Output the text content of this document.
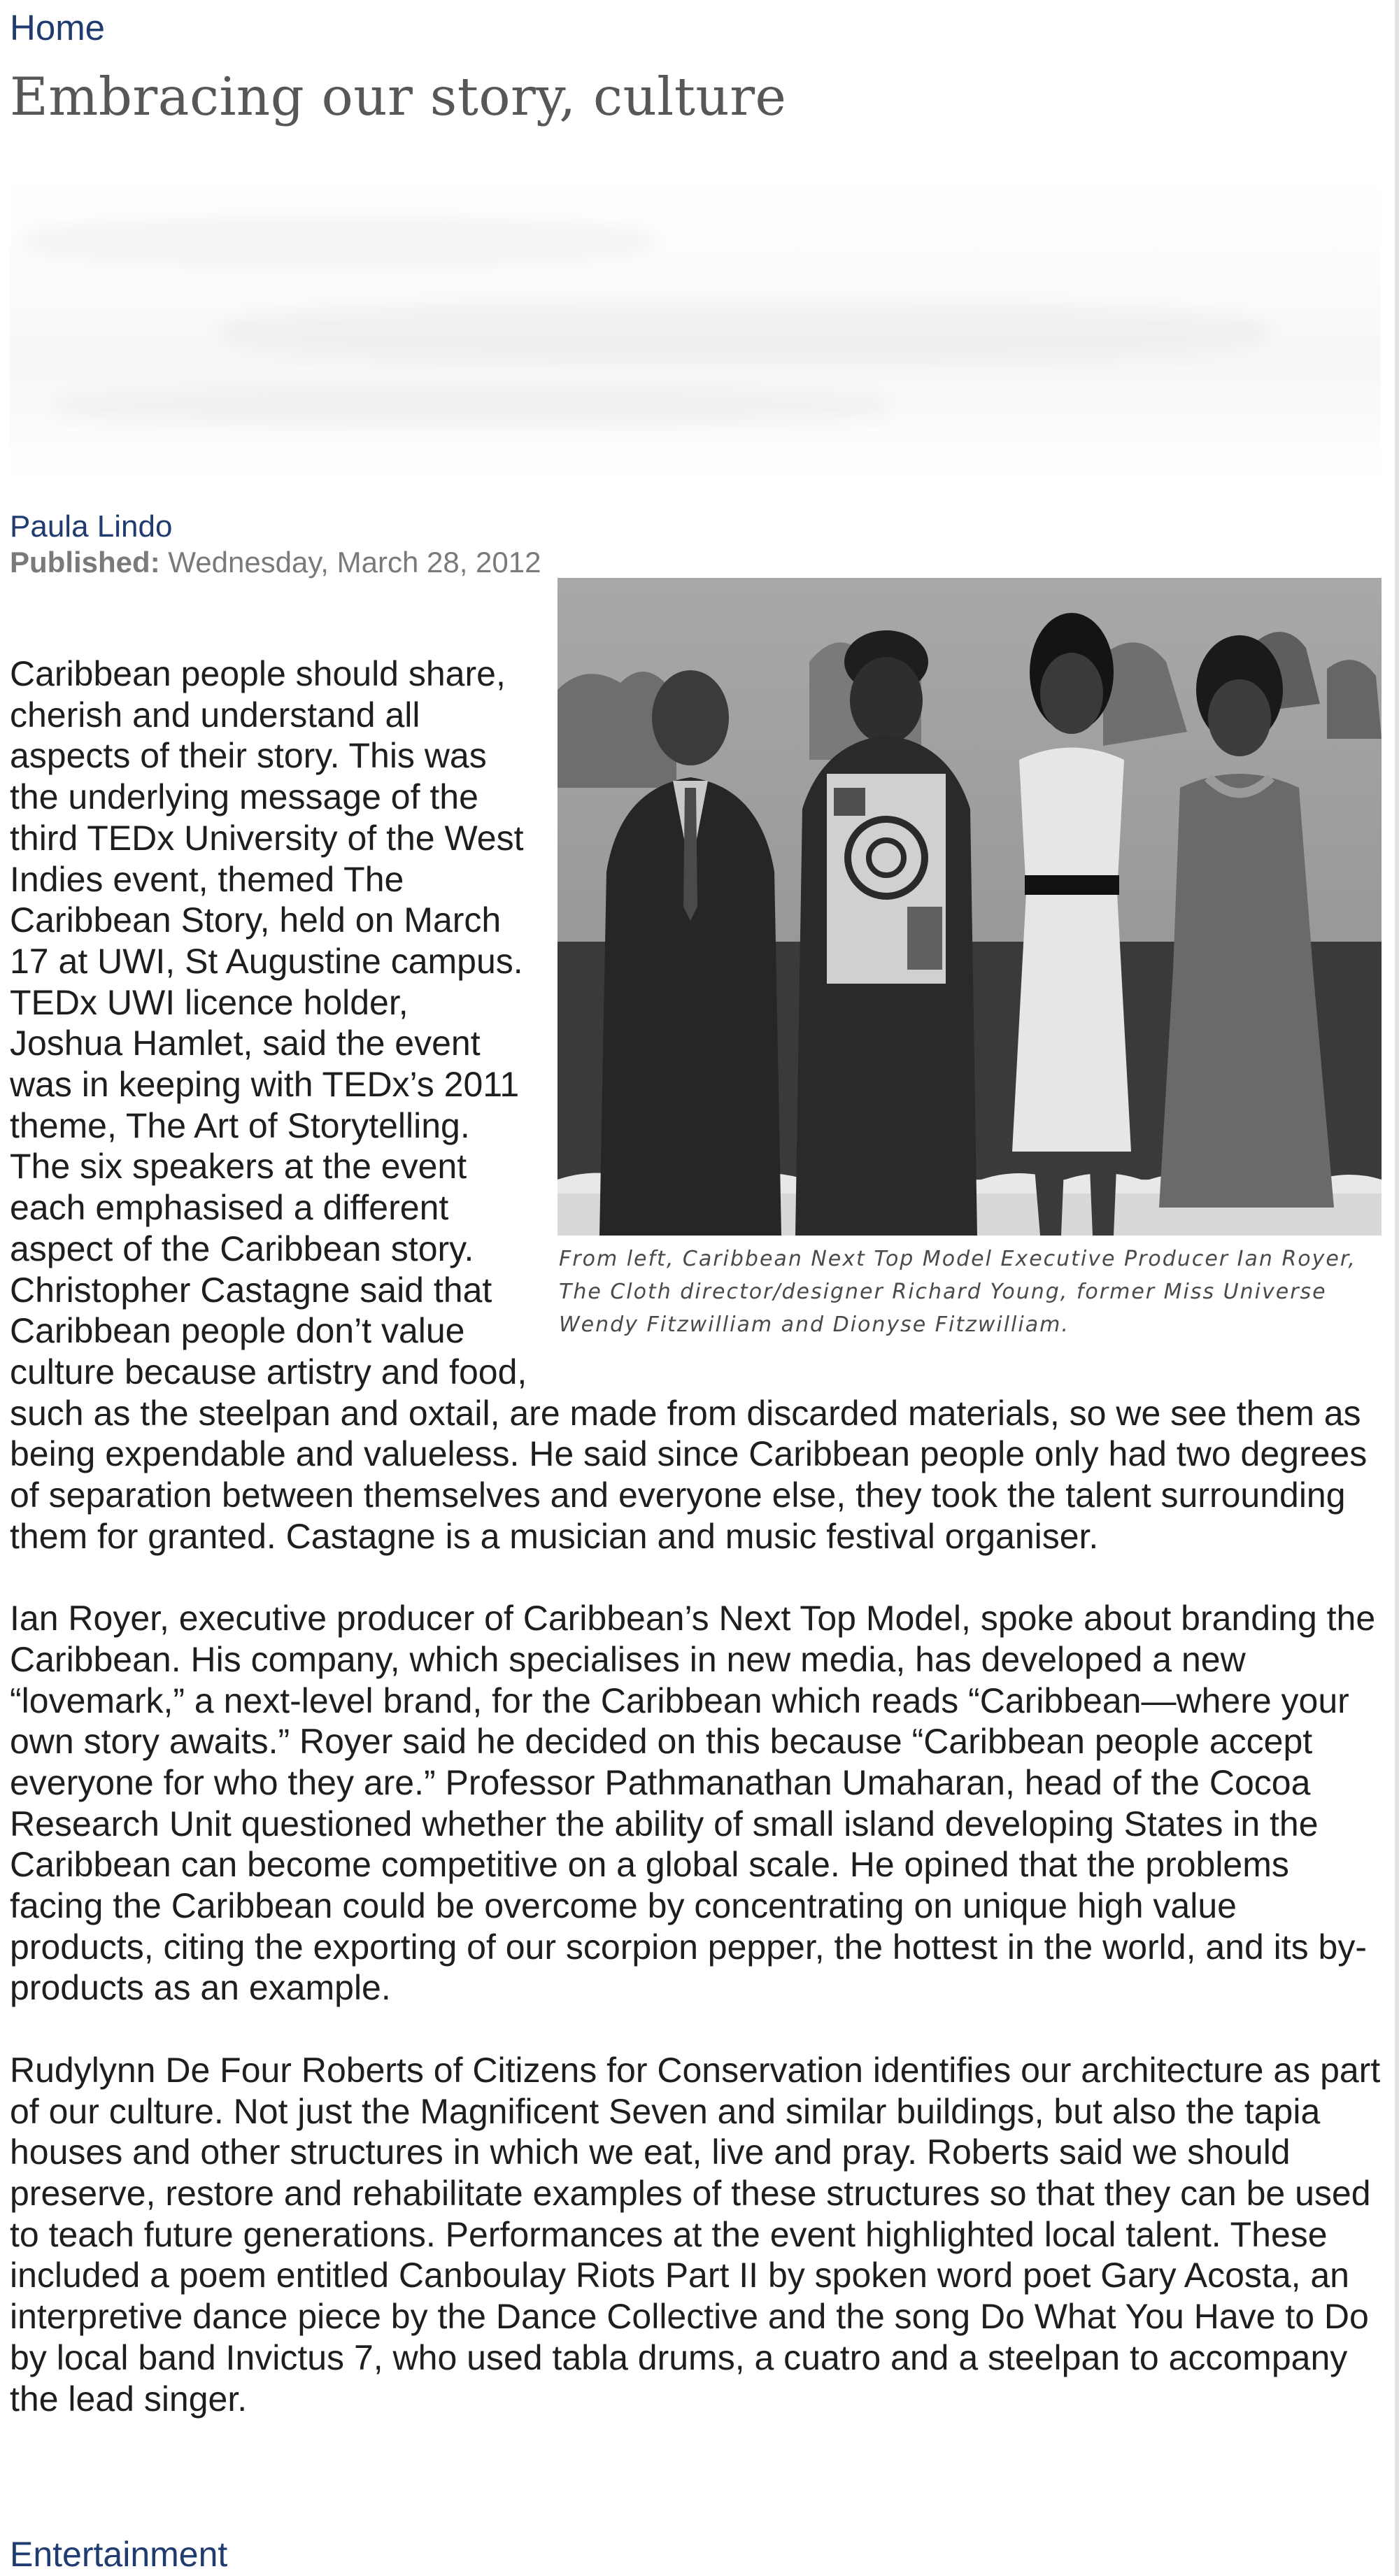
Home
Embracing our story, culture
Paula Lindo
Published: Wednesday, March 28, 2012
From left, Caribbean Next Top Model Executive Producer Ian Royer, The Cloth director/designer Richard Young, former Miss Universe Wendy Fitzwilliam and Dionyse Fitzwilliam.

Caribbean people should share, cherish and understand all aspects of their story. This was the underlying message of the third TEDx University of the West Indies event, themed The Caribbean Story, held on March 17 at UWI, St Augustine campus. TEDx UWI licence holder, Joshua Hamlet, said the event was in keeping with TEDx’s 2011 theme, The Art of Storytelling. The six speakers at the event each emphasised a different aspect of the Caribbean story. Christopher Castagne said that Caribbean people don’t value culture because artistry and food, such as the steelpan and oxtail, are made from discarded materials, so we see them as being expendable and valueless. He said since Caribbean people only had two degrees of separation between themselves and everyone else, they took the talent surrounding them for granted. Castagne is a musician and music festival organiser.

Ian Royer, executive producer of Caribbean’s Next Top Model, spoke about branding the Caribbean. His company, which specialises in new media, has developed a new “lovemark,” a next-level brand, for the Caribbean which reads “Caribbean—where your own story awaits.” Royer said he decided on this because “Caribbean people accept everyone for who they are.” Professor Pathmanathan Umaharan, head of the Cocoa Research Unit questioned whether the ability of small island developing States in the Caribbean can become competitive on a global scale. He opined that the problems facing the Caribbean could be overcome by concentrating on unique high value products, citing the exporting of our scorpion pepper, the hottest in the world, and its by-products as an example.

Rudylynn De Four Roberts of Citizens for Conservation identifies our architecture as part of our culture. Not just the Magnificent Seven and similar buildings, but also the tapia houses and other structures in which we eat, live and pray. Roberts said we should preserve, restore and rehabilitate examples of these structures so that they can be used to teach future generations. Performances at the event highlighted local talent. These included a poem entitled Canboulay Riots Part II by spoken word poet Gary Acosta, an interpretive dance piece by the Dance Collective and the song Do What You Have to Do by local band Invictus 7, who used tabla drums, a cuatro and a steelpan to accompany the lead singer.

Entertainment
